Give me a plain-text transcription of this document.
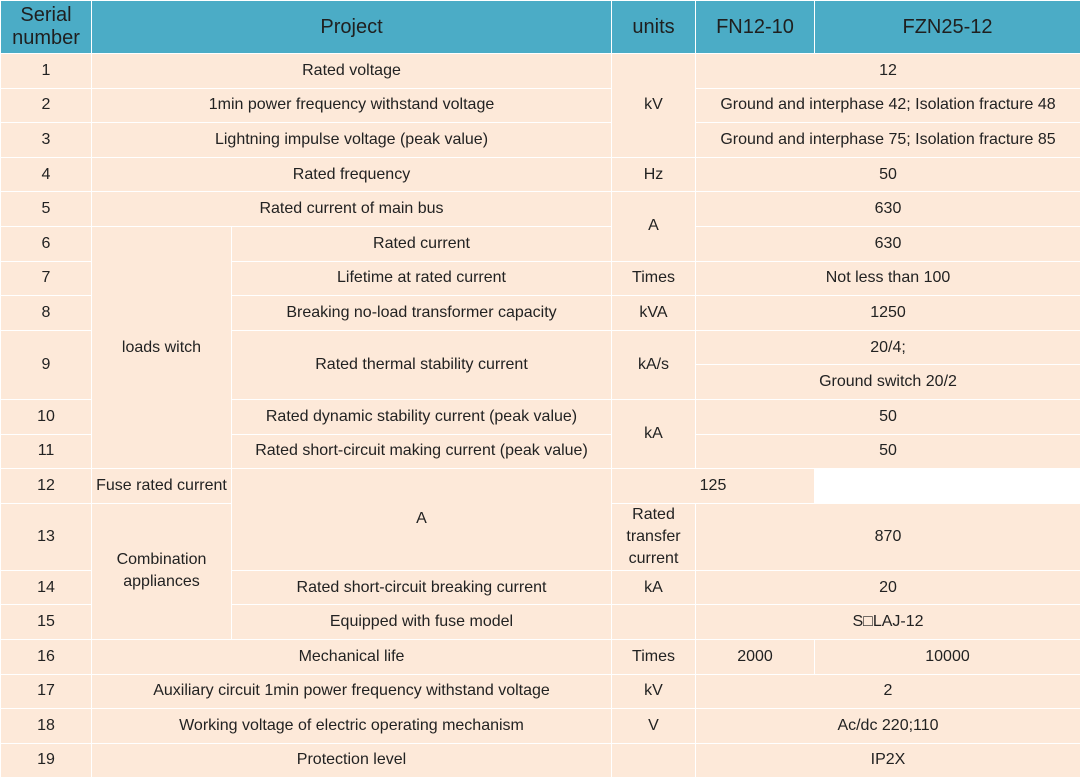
Serial number	Project		units	FN12-10	FZN25-12
1	Rated voltage		kV	12	
2	1min power frequency withstand voltage			Ground and interphase 42; Isolation fracture 48	
3	Lightning impulse voltage (peak value)			Ground and interphase 75; Isolation fracture 85	
4	Rated frequency		Hz	50	
5	Rated current of main bus		A	630	
6	loads witch	Rated current		630	
7		Lifetime at rated current	Times	Not less than 100	
8		Breaking no-load transformer capacity	kVA	1250	
9		Rated thermal stability current	kA/s	20/4;	
				Ground switch 20/2	
10		Rated dynamic stability current (peak value)	kA	50	
11		Rated short-circuit making current (peak value)		50	
12	Fuse rated current	A	125		
13	Combination appliances		Rated transfer current	870	
14		Rated short-circuit breaking current	kA	20	
15		Equipped with fuse model		S□LAJ-12	
16	Mechanical life		Times	2000	10000
17	Auxiliary circuit 1min power frequency withstand voltage		kV	2	
18	Working voltage of electric operating mechanism		V	Ac/dc 220;110	
19	Protection level			IP2X	
